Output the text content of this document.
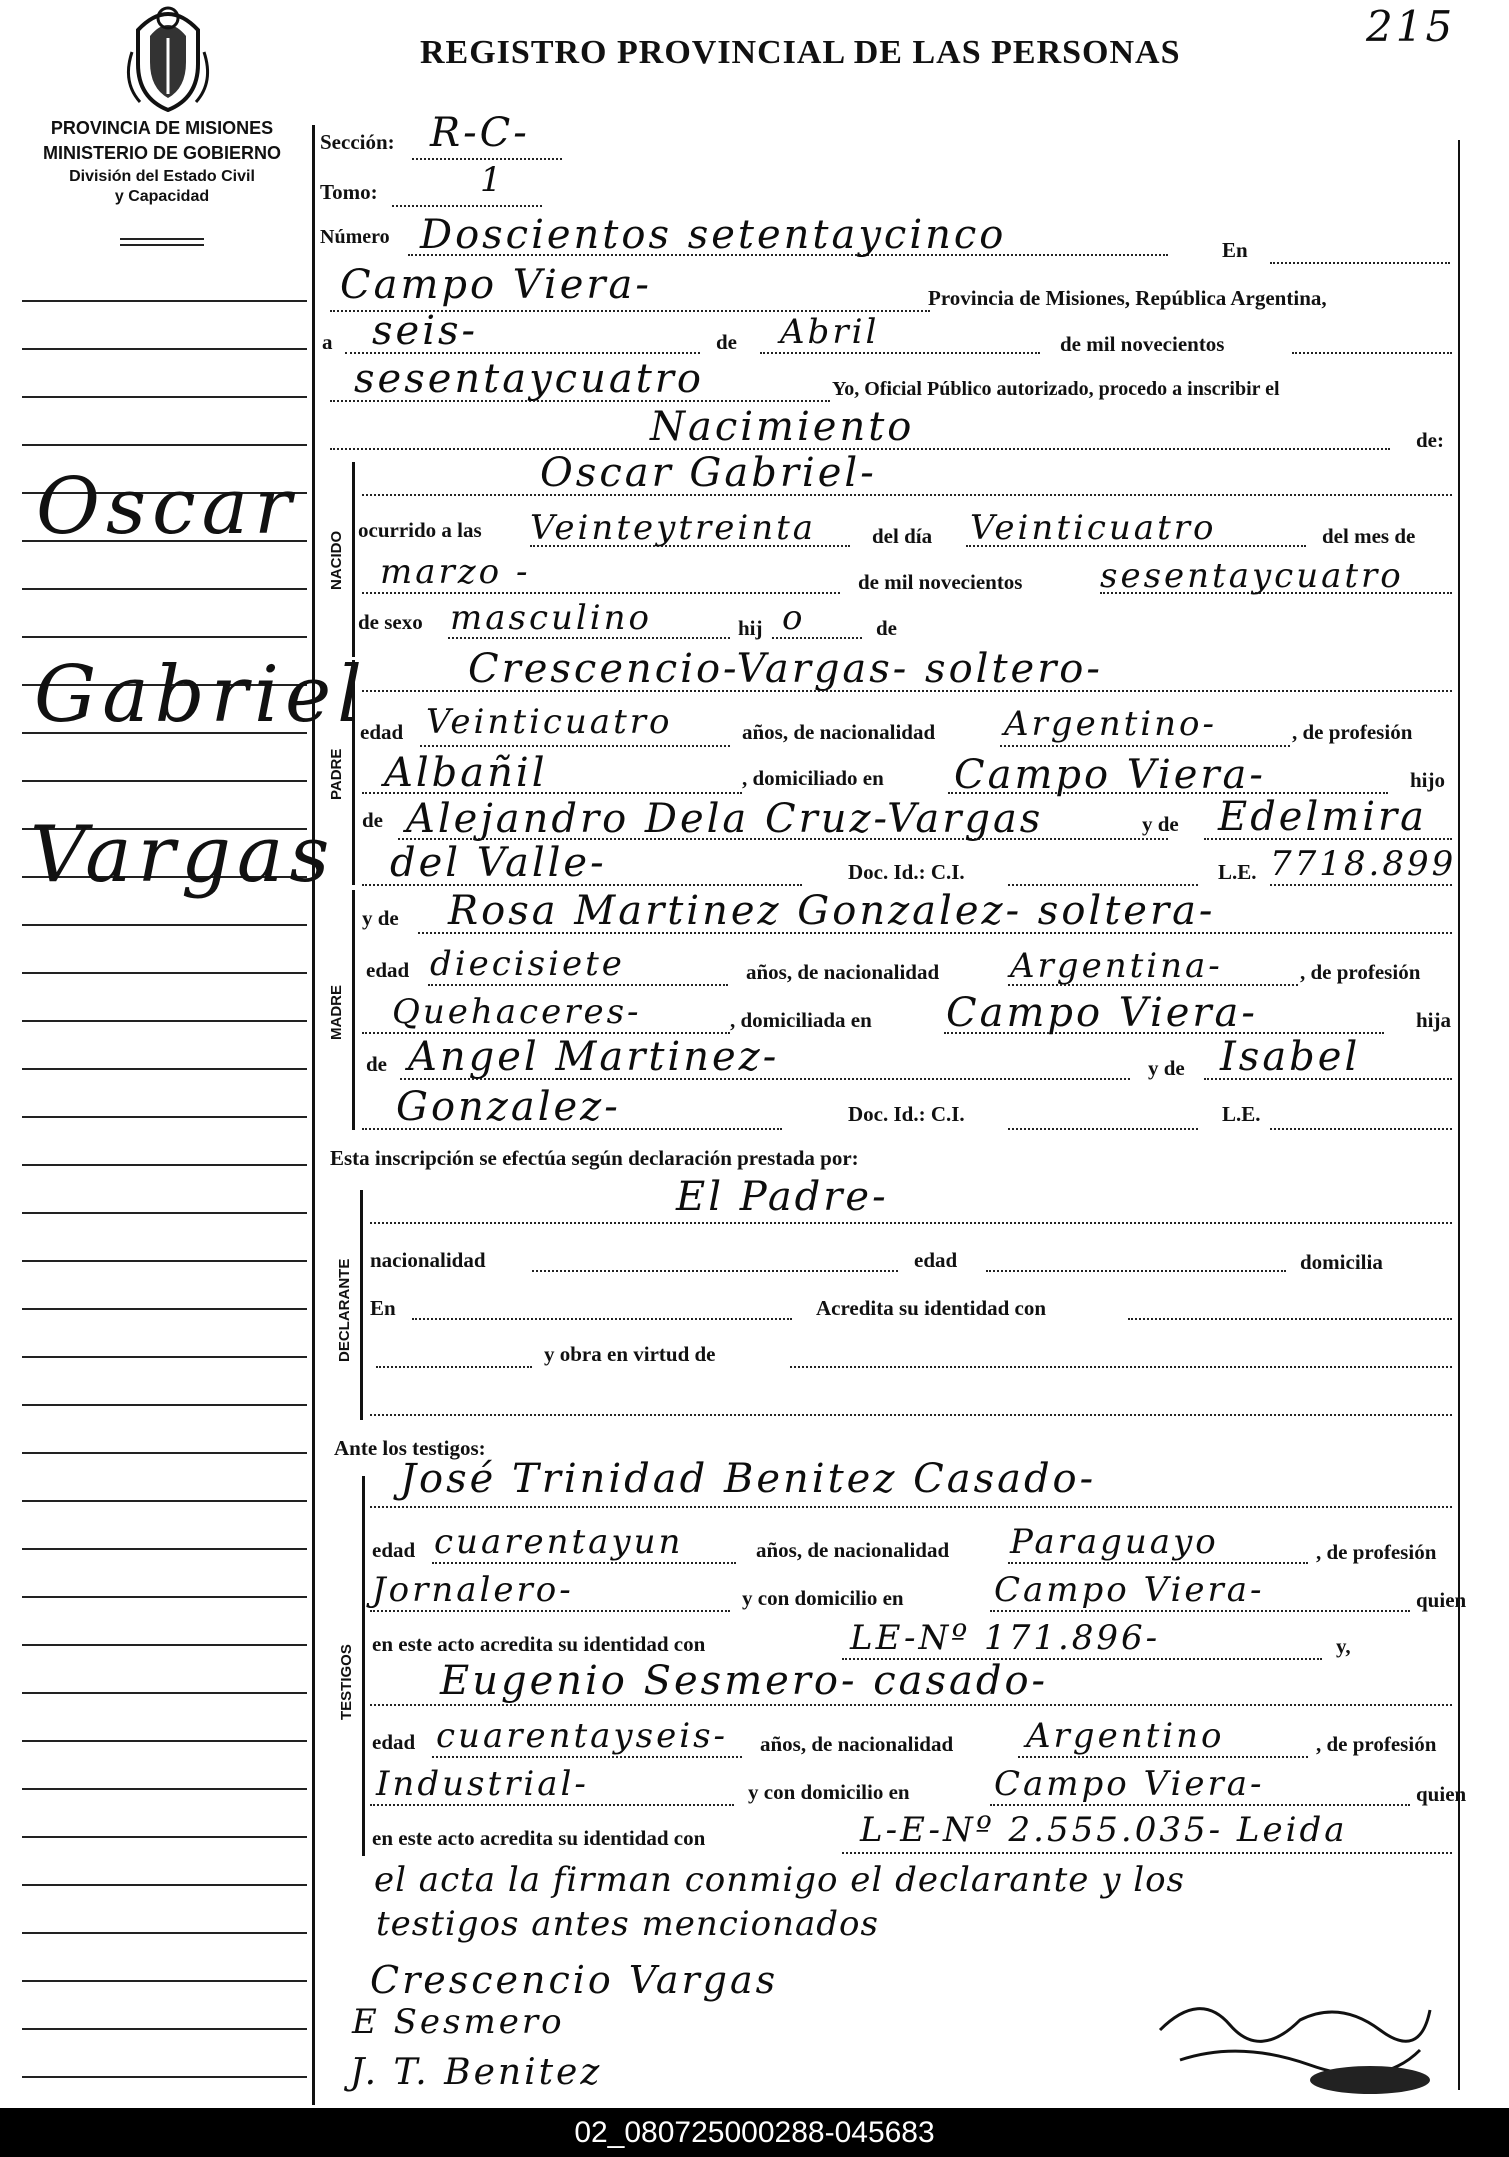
REGISTRO PROVINCIAL DE LAS PERSONAS
215
PROVINCIA DE MISIONES
MINISTERIO DE GOBIERNO
División del Estado Civil
y Capacidad
Oscar
Gabriel
Vargas
Sección: R-C-
Tomo:	1
Número Doscientos setentaycinco	En
Campo Viera-	Provincia de Misiones, República Argentina,
a seis-	de Abril	de mil novecientos
sesentaycuatro	Yo, Oficial Público autorizado, procedo a inscribir el
Nacimiento	de:
NACIDO
Oscar Gabriel-
ocurrido a las Veinteytreinta	del día Veinticuatro	del mes de
marzo -	de mil novecientos sesentaycuatro
de sexo masculino	hij o	de
PADRE
Crescencio-Vargas- soltero-
edad Veinticuatro	años, de nacionalidad Argentino-	, de profesión
Albañil	, domiciliado en Campo Viera-	hijo
de Alejandro Dela Cruz-Vargas	y de Edelmira
del Valle-	Doc. Id.: C.I.	L.E. 7718.899
MADRE
y de Rosa Martinez Gonzalez- soltera-
edad diecisiete	años, de nacionalidad Argentina-	, de profesión
Quehaceres-	, domiciliada en Campo Viera-	hija
de Angel Martinez-	y de Isabel
Gonzalez-	Doc. Id.: C.I.	L.E.
Esta inscripción se efectúa según declaración prestada por:
DECLARANTE
El Padre-
nacionalidad	edad	domicilia
En	Acredita su identidad con
y obra en virtud de
Ante los testigos:
TESTIGOS
José Trinidad Benitez Casado-
edad cuarentayun	años, de nacionalidad Paraguayo	, de profesión
Jornalero-	y con domicilio en	Campo Viera-	quien
en este acto acredita su identidad con	LE-Nº 171.896-	y,
Eugenio Sesmero- casado-
edad cuarentayseis- años, de nacionalidad Argentino	, de profesión
Industrial-	y con domicilio en Campo Viera-	quien
en este acto acredita su identidad con	L-E-Nº 2.555.035- Leida
el acta la firman conmigo el declarante y los
testigos antes mencionados
Crescencio Vargas
E Sesmero
J. T. Benitez
02_080725000288-045683
